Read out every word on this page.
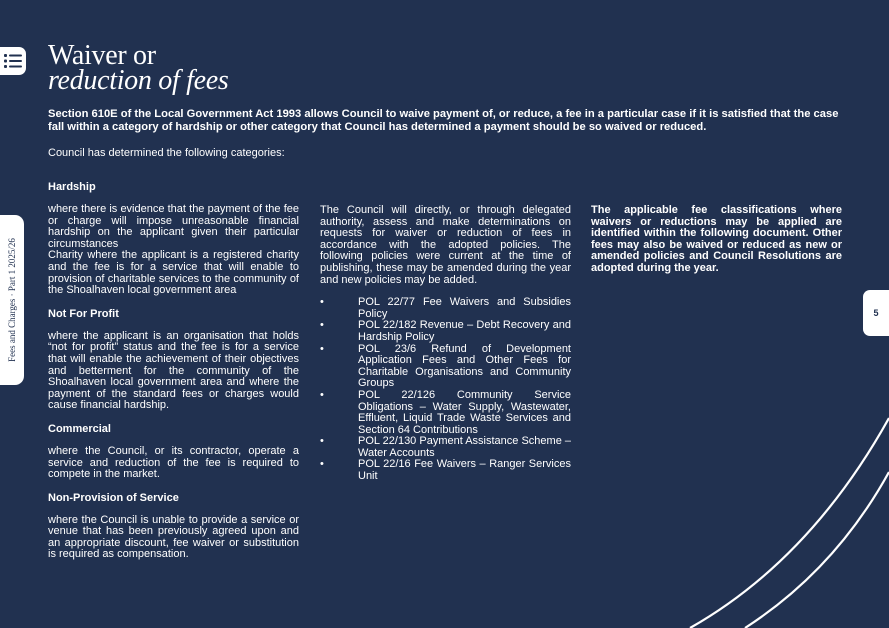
Fees and Charges · Part 1 2025/26	5
Waiver or
reduction of fees

Section 610E of the Local Government Act 1993 allows Council to waive payment of, or reduce, a fee in a particular case if it is satisfied that the case fall within a category of hardship or other category that Council has determined a payment should be so waived or reduced.

Council has determined the following categories:

Hardship

where there is evidence that the payment of the fee or charge will impose unreasonable financial hardship on the applicant given their particular circumstances

Charity where the applicant is a registered charity and the fee is for a service that will enable to provision of charitable services to the community of the Shoalhaven local government area

Not For Profit

where the applicant is an organisation that holds “not for profit” status and the fee is for a service that will enable the achievement of their objectives and betterment for the community of the Shoalhaven local government area and where the payment of the standard fees or charges would cause financial hardship.

Commercial

where the Council, or its contractor, operate a service and reduction of the fee is required to compete in the market.

Non-Provision of Service

where the Council is unable to provide a service or venue that has been previously agreed upon and an appropriate discount, fee waiver or substitution is required as compensation.

The Council will directly, or through delegated authority, assess and make determinations on requests for waiver or reduction of fees in accordance with the adopted policies. The following policies were current at the time of publishing, these may be amended during the year and new policies may be added.

• POL 22/77 Fee Waivers and Subsidies Policy
• POL 22/182 Revenue – Debt Recovery and Hardship Policy
• POL 23/6 Refund of Development Application Fees and Other Fees for Charitable Organisations and Community Groups
• POL 22/126 Community Service Obligations – Water Supply, Wastewater, Effluent, Liquid Trade Waste Services and Section 64 Contributions
• POL 22/130 Payment Assistance Scheme – Water Accounts
• POL 22/16 Fee Waivers – Ranger Services Unit

The applicable fee classifications where waivers or reductions may be applied are identified within the following document. Other fees may also be waived or reduced as new or amended policies and Council Resolutions are adopted during the year.
